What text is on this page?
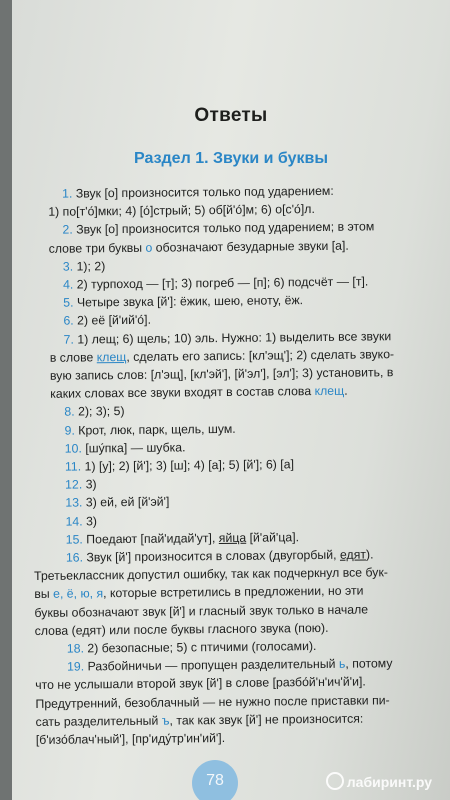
Ответы
Раздел 1. Звуки и буквы
1. Звук [о] произносится только под ударением:
1) по[т'о́]мки; 4) [о́]стрый; 5) об[й'о́]м; 6) о[с'о́]л.
2. Звук [о] произносится только под ударением; в этом
слове три буквы о обозначают безударные звуки [а].
3. 1); 2)
4. 2) турпоход — [т]; 3) погреб — [п]; 6) подсчёт — [т].
5. Четыре звука [й']: ёжик, шею, еноту, ёж.
6. 2) её [й'ий'о́].
7. 1) лещ; 6) щель; 10) эль. Нужно: 1) выделить все звуки
в слове клещ, сделать его запись: [кл'эщ']; 2) сделать звуко-
вую запись слов: [л'эщ], [кл'эй'], [й'эл'], [эл']; 3) установить, в
каких словах все звуки входят в состав слова клещ.
8. 2); 3); 5)
9. Крот, люк, парк, щель, шум.
10. [шу́пка] — шубка.
11. 1) [у]; 2) [й']; 3) [ш]; 4) [а]; 5) [й']; 6) [а]
12. 3)
13. 3) ей, ей [й'эй']
14. 3)
15. Поедают [пай'идай'ут], яйца [й'ай'ца].
16. Звук [й'] произносится в словах (двугорбый, едят).
Третьеклассник допустил ошибку, так как подчеркнул все бук-
вы е, ё, ю, я, которые встретились в предложении, но эти
буквы обозначают звук [й'] и гласный звук только в начале
слова (едят) или после буквы гласного звука (пою).
18. 2) безопасные; 5) с птичими (голосами).
19. Разбойничьи — пропущен разделительный ь, потому
что не услышали второй звук [й'] в слове [разбо́й'н'ич'й'и].
Предутренний, безоблачный — не нужно после приставки пи-
сать разделительный ъ, так как звук [й'] не произносится:
[б'изо́блач'ный'], [пр'иду́тр'ин'ий'].
78	лабиринт.ру
